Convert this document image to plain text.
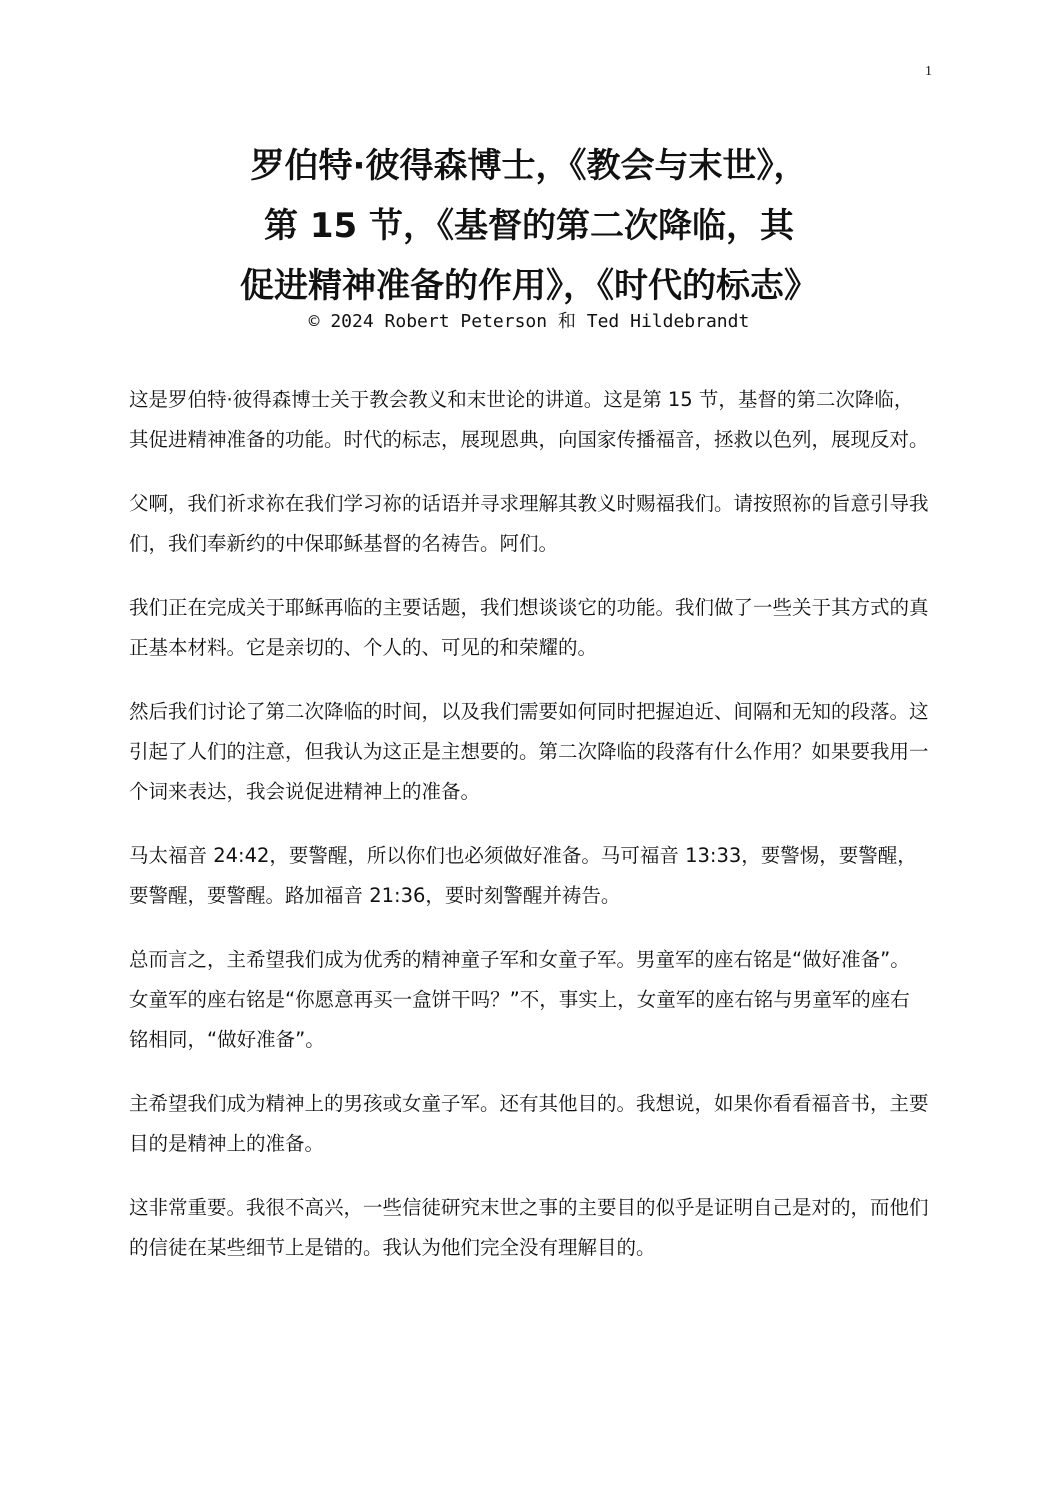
1
罗伯特·彼得森博士，《教会与末世》，
第 15 节，《基督的第二次降临，其
促进精神准备的作用》，《时代的标志》
© 2024 Robert Peterson 和 Ted Hildebrandt

这是罗伯特·彼得森博士关于教会教义和末世论的讲道。这是第 15 节，基督的第二次降临，其促进精神准备的功能。时代的标志，展现恩典，向国家传播福音，拯救以色列，展现反对。

父啊，我们祈求祢在我们学习祢的话语并寻求理解其教义时赐福我们。请按照祢的旨意引导我们，我们奉新约的中保耶稣基督的名祷告。阿们。

我们正在完成关于耶稣再临的主要话题，我们想谈谈它的功能。我们做了一些关于其方式的真正基本材料。它是亲切的、个人的、可见的和荣耀的。

然后我们讨论了第二次降临的时间，以及我们需要如何同时把握迫近、间隔和无知的段落。这引起了人们的注意，但我认为这正是主想要的。第二次降临的段落有什么作用？如果要我用一个词来表达，我会说促进精神上的准备。

马太福音 24:42，要警醒，所以你们也必须做好准备。马可福音 13:33，要警惕，要警醒，要警醒，要警醒。路加福音 21:36，要时刻警醒并祷告。

总而言之，主希望我们成为优秀的精神童子军和女童子军。男童军的座右铭是“做好准备”。女童军的座右铭是“你愿意再买一盒饼干吗？”不，事实上，女童军的座右铭与男童军的座右铭相同，“做好准备”。

主希望我们成为精神上的男孩或女童子军。还有其他目的。我想说，如果你看看福音书，主要目的是精神上的准备。

这非常重要。我很不高兴，一些信徒研究末世之事的主要目的似乎是证明自己是对的，而他们的信徒在某些细节上是错的。我认为他们完全没有理解目的。
